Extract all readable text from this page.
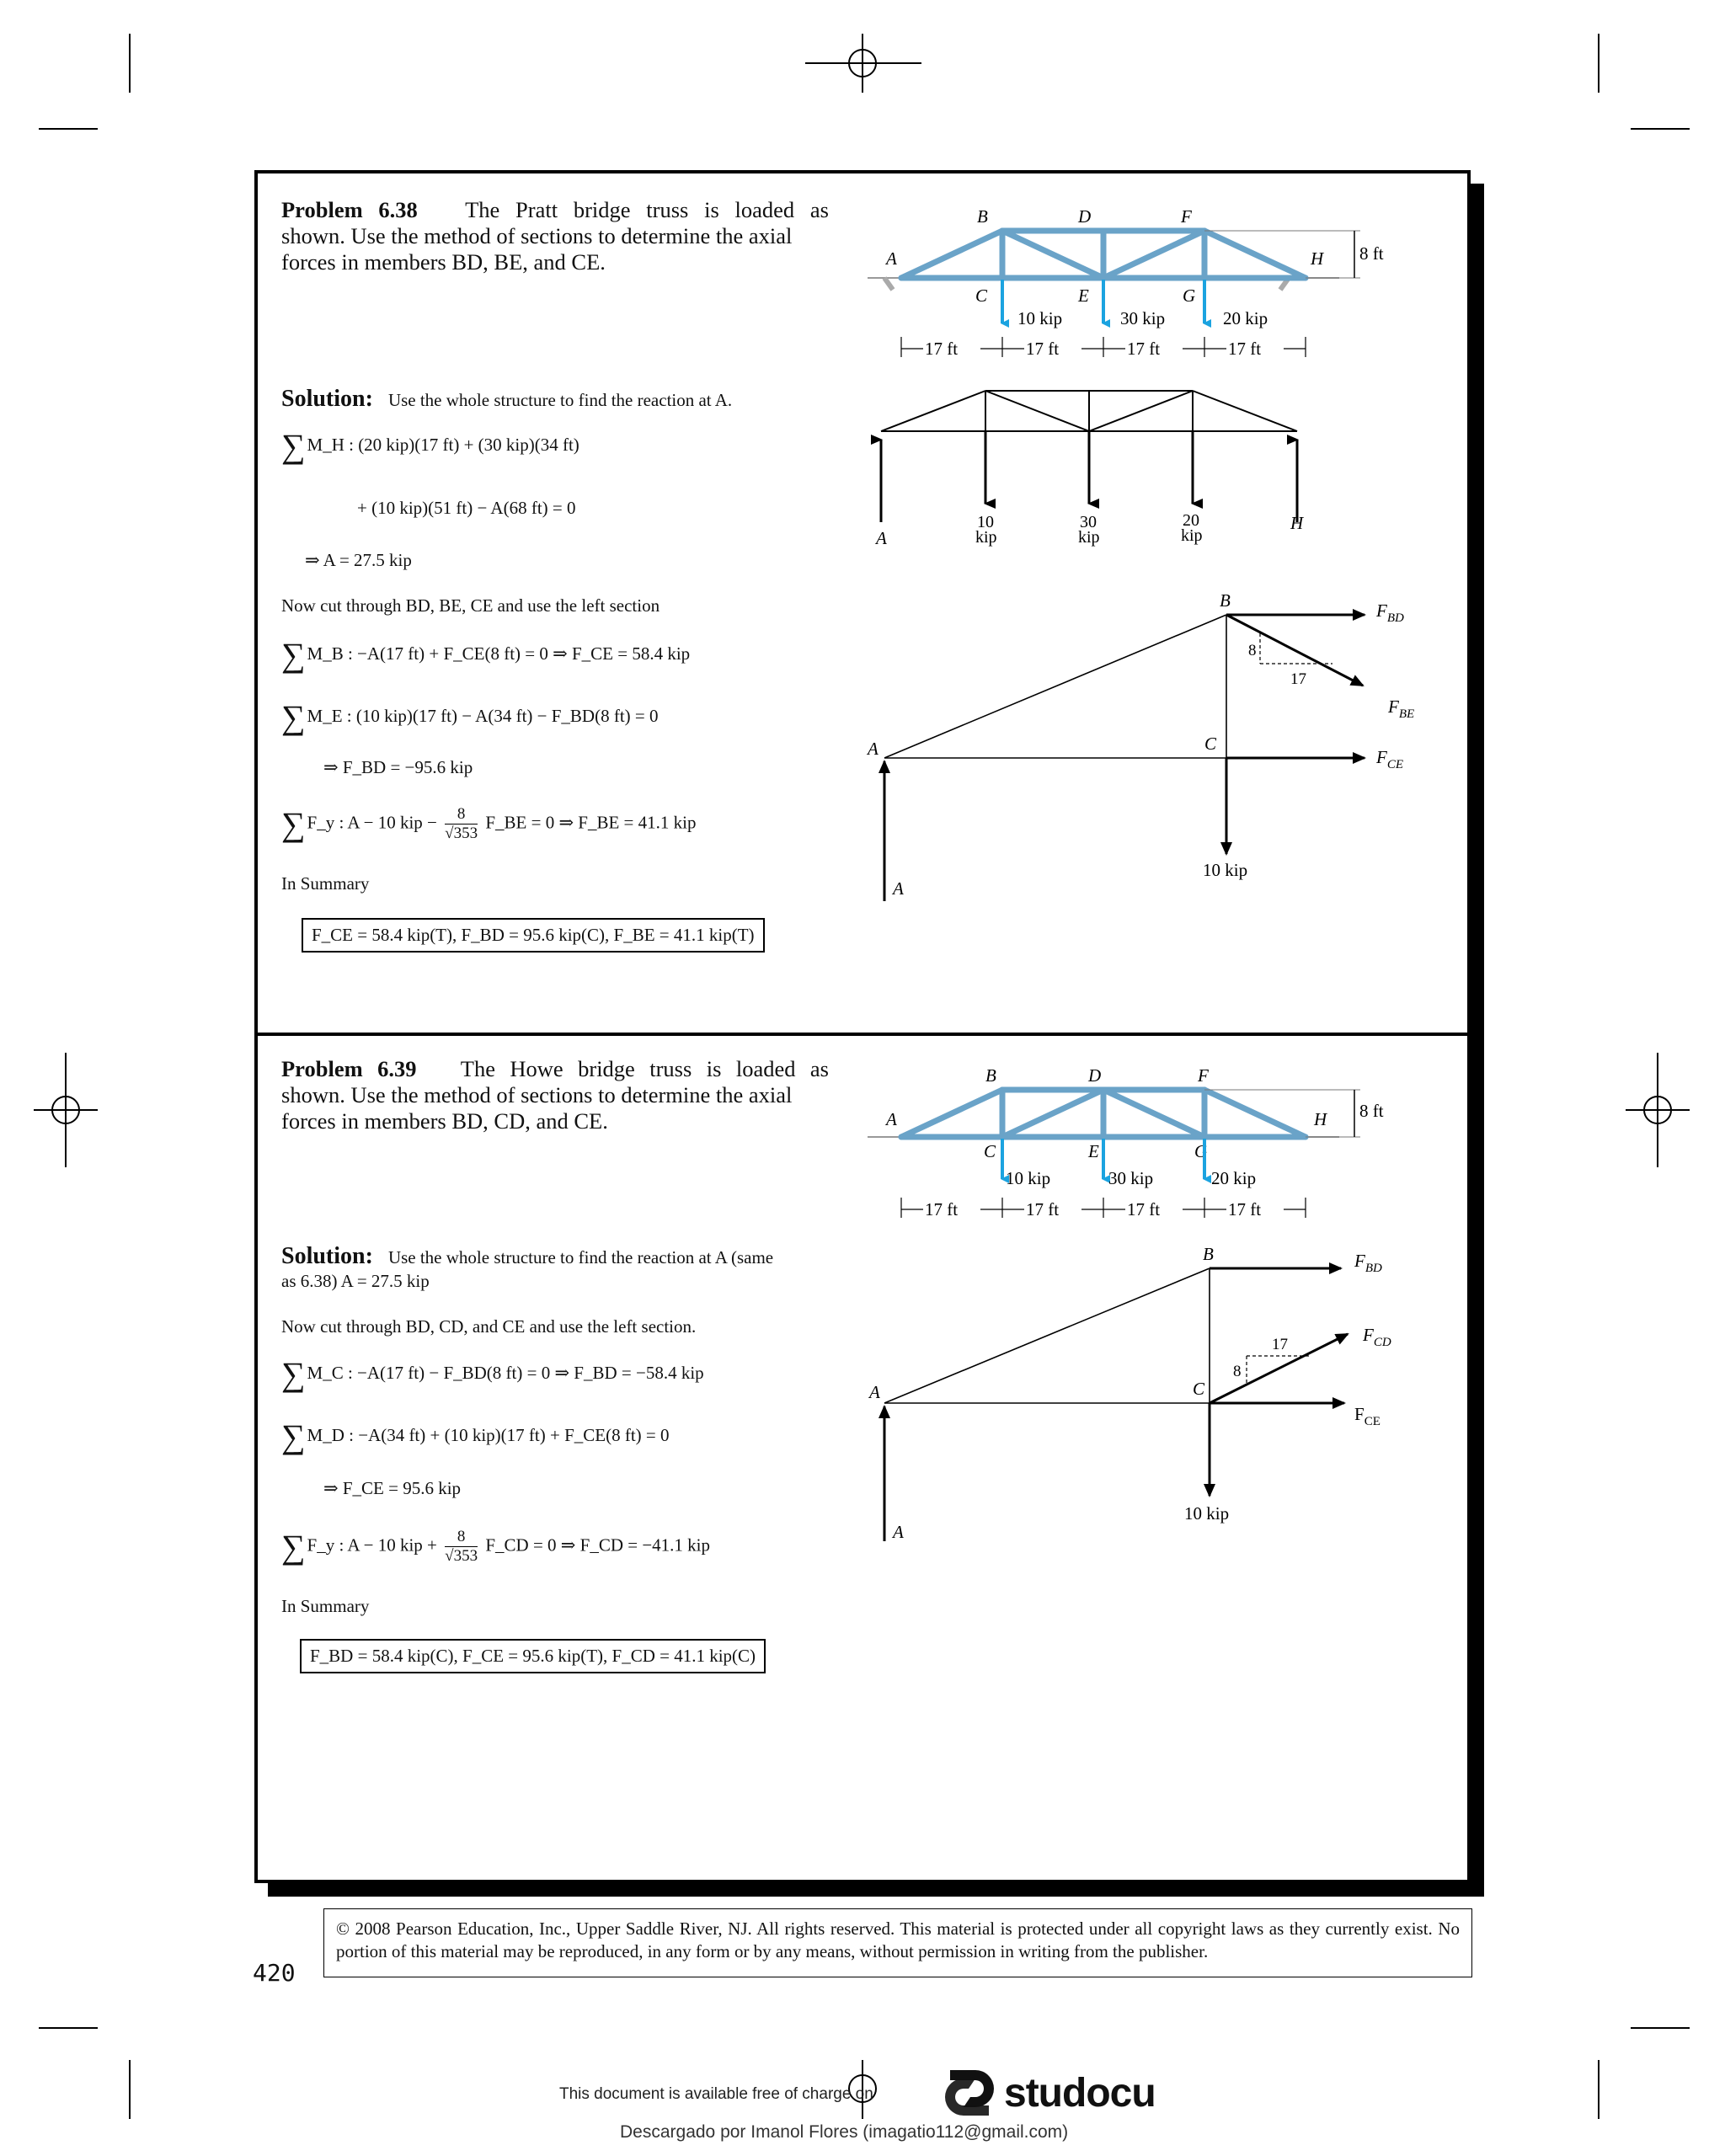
Problem 6.38 The Pratt bridge truss is loaded as
shown. Use the method of sections to determine the axial
forces in members BD, BE, and CE.
Solution: Use the whole structure to find the reaction at A.
∑M_H : (20 kip)(17 ft) + (30 kip)(34 ft)
+ (10 kip)(51 ft) − A(68 ft) = 0
⇒ A = 27.5 kip
Now cut through BD, BE, CE and use the left section
∑M_B : −A(17 ft) + F_CE(8 ft) = 0 ⇒ F_CE = 58.4 kip
∑M_E : (10 kip)(17 ft) − A(34 ft) − F_BD(8 ft) = 0
⇒ F_BD = −95.6 kip
∑F_y : A − 10 kip − $\frac{8}{√353}$ F_BE = 0 ⇒ F_BE = 41.1 kip
In Summary
F_CE = 58.4 kip(T), F_BD = 95.6 kip(C), F_BE = 41.1 kip(T)
8 ft
B	D	F
A	H
C	E	G
10 kip	30 kip	20 kip
17 ft	17 ft	17 ft	17 ft
A
H
10
kip
30
kip
20
kip
8
17
B
C
A
A
$F_{BD}$
$F_{BE}$
$F_{CE}$
10 kip
Problem 6.39 The Howe bridge truss is loaded as
shown. Use the method of sections to determine the axial
forces in members BD, CD, and CE.
Solution: Use the whole structure to find the reaction at A (same
as 6.38) A = 27.5 kip
Now cut through BD, CD, and CE and use the left section.
∑M_C : −A(17 ft) − F_BD(8 ft) = 0 ⇒ F_BD = −58.4 kip
∑M_D : −A(34 ft) + (10 kip)(17 ft) + F_CE(8 ft) = 0
⇒ F_CE = 95.6 kip
∑F_y : A − 10 kip + $\frac{8}{√353}$ F_CD = 0 ⇒ F_CD = −41.1 kip
In Summary
F_BD = 58.4 kip(C), F_CE = 95.6 kip(T), F_CD = 41.1 kip(C)
8 ft
B	D	F
A	H
C	E	G
10 kip	30 kip	20 kip
17 ft	17 ft	17 ft	17 ft
8
17
B
C
A
A
$F_{BD}$
$F_{CD}$
$F_{CE}$
10 kip
© 2008 Pearson Education, Inc., Upper Saddle River, NJ. All rights reserved. This material is protected under all copyright laws as they currently exist. No portion of this material may be reproduced, in any form or by any means, without permission in writing from the publisher.
420
This document is available free of charge on	studocu
Descargado por Imanol Flores (imagatio112@gmail.com)
